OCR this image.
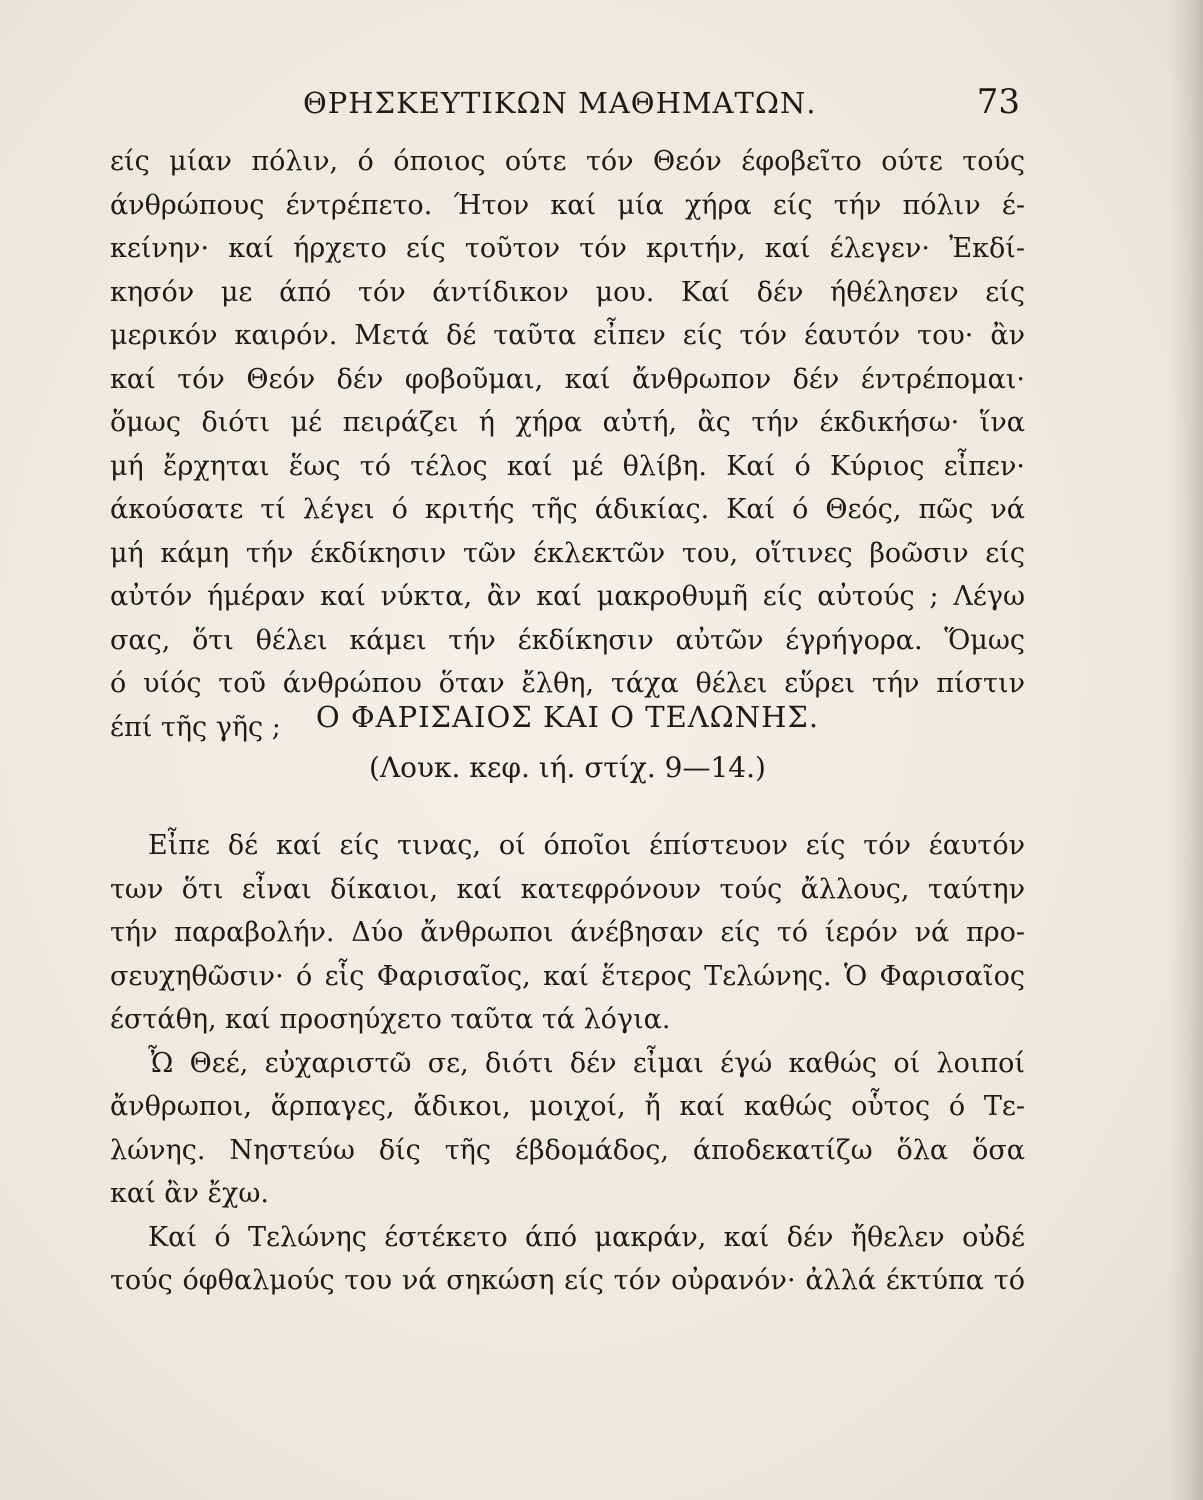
ΘΡΗΣΚΕΥΤΙΚΩΝ ΜΑΘΗΜΑΤΩΝ.	73
είς μίαν πόλιν, ό όποιος ούτε τόν Θεόν έφοβεῖτο ούτε τούς
άνθρώπους έντρέπετο. Ήτον καί μία χήρα είς τήν πόλιν έ-
κείνην· καί ήρχετο είς τοῦτον τόν κριτήν, καί έλεγεν· Ἐκδί-
κησόν με άπό τόν άντίδικον μου. Καί δέν ήθέλησεν είς
μερικόν καιρόν. Μετά δέ ταῦτα εἶπεν είς τόν έαυτόν του· ἂν
καί τόν Θεόν δέν φοβοῦμαι, καί ἄνθρωπον δέν έντρέπομαι·
ὅμως διότι μέ πειράζει ή χήρα αὐτή, ἂς τήν έκδικήσω· ἵνα
μή ἔρχηται ἕως τό τέλος καί μέ θλίβη. Καί ό Κύριος εἶπεν·
άκούσατε τί λέγει ό κριτής τῆς άδικίας. Καί ό Θεός, πῶς νά
μή κάμη τήν έκδίκησιν τῶν έκλεκτῶν του, οἵτινες βοῶσιν είς
αὐτόν ήμέραν καί νύκτα, ἂν καί μακροθυμῆ είς αὐτούς ; Λέγω
σας, ὅτι θέλει κάμει τήν έκδίκησιν αὐτῶν έγρήγορα. Ὅμως
ό υίός τοῦ άνθρώπου ὅταν ἔλθη, τάχα θέλει εὕρει τήν πίστιν
έπί τῆς γῆς ;	Ο ΦΑΡΙΣΑΙΟΣ ΚΑΙ Ο ΤΕΛΩΝΗΣ.
(Λουκ. κεφ. ιή. στίχ. 9—14.)
Εἶπε δέ καί είς τινας, οί όποῖοι έπίστευον είς τόν έαυτόν
των ὅτι εἶναι δίκαιοι, καί κατεφρόνουν τούς ἄλλους, ταύτην
τήν παραβολήν. Δύο ἄνθρωποι άνέβησαν είς τό ίερόν νά προ-
σευχηθῶσιν· ό εἷς Φαρισαῖος, καί ἕτερος Τελώνης. Ὁ Φαρισαῖος
έστάθη, καί προσηύχετο ταῦτα τά λόγια.
Ὦ Θεέ, εὐχαριστῶ σε, διότι δέν εἶμαι έγώ καθώς οί λοιποί
ἄνθρωποι, ἅρπαγες, ἄδικοι, μοιχοί, ἤ καί καθώς οὗτος ό Τε-
λώνης. Νηστεύω δίς τῆς έβδομάδος, άποδεκατίζω ὅλα ὅσα
καί ἂν ἔχω.
Καί ό Τελώνης έστέκετο άπό μακράν, καί δέν ἤθελεν οὐδέ
τούς όφθαλμούς του νά σηκώση είς τόν οὐρανόν· ἀλλά έκτύπα τό
